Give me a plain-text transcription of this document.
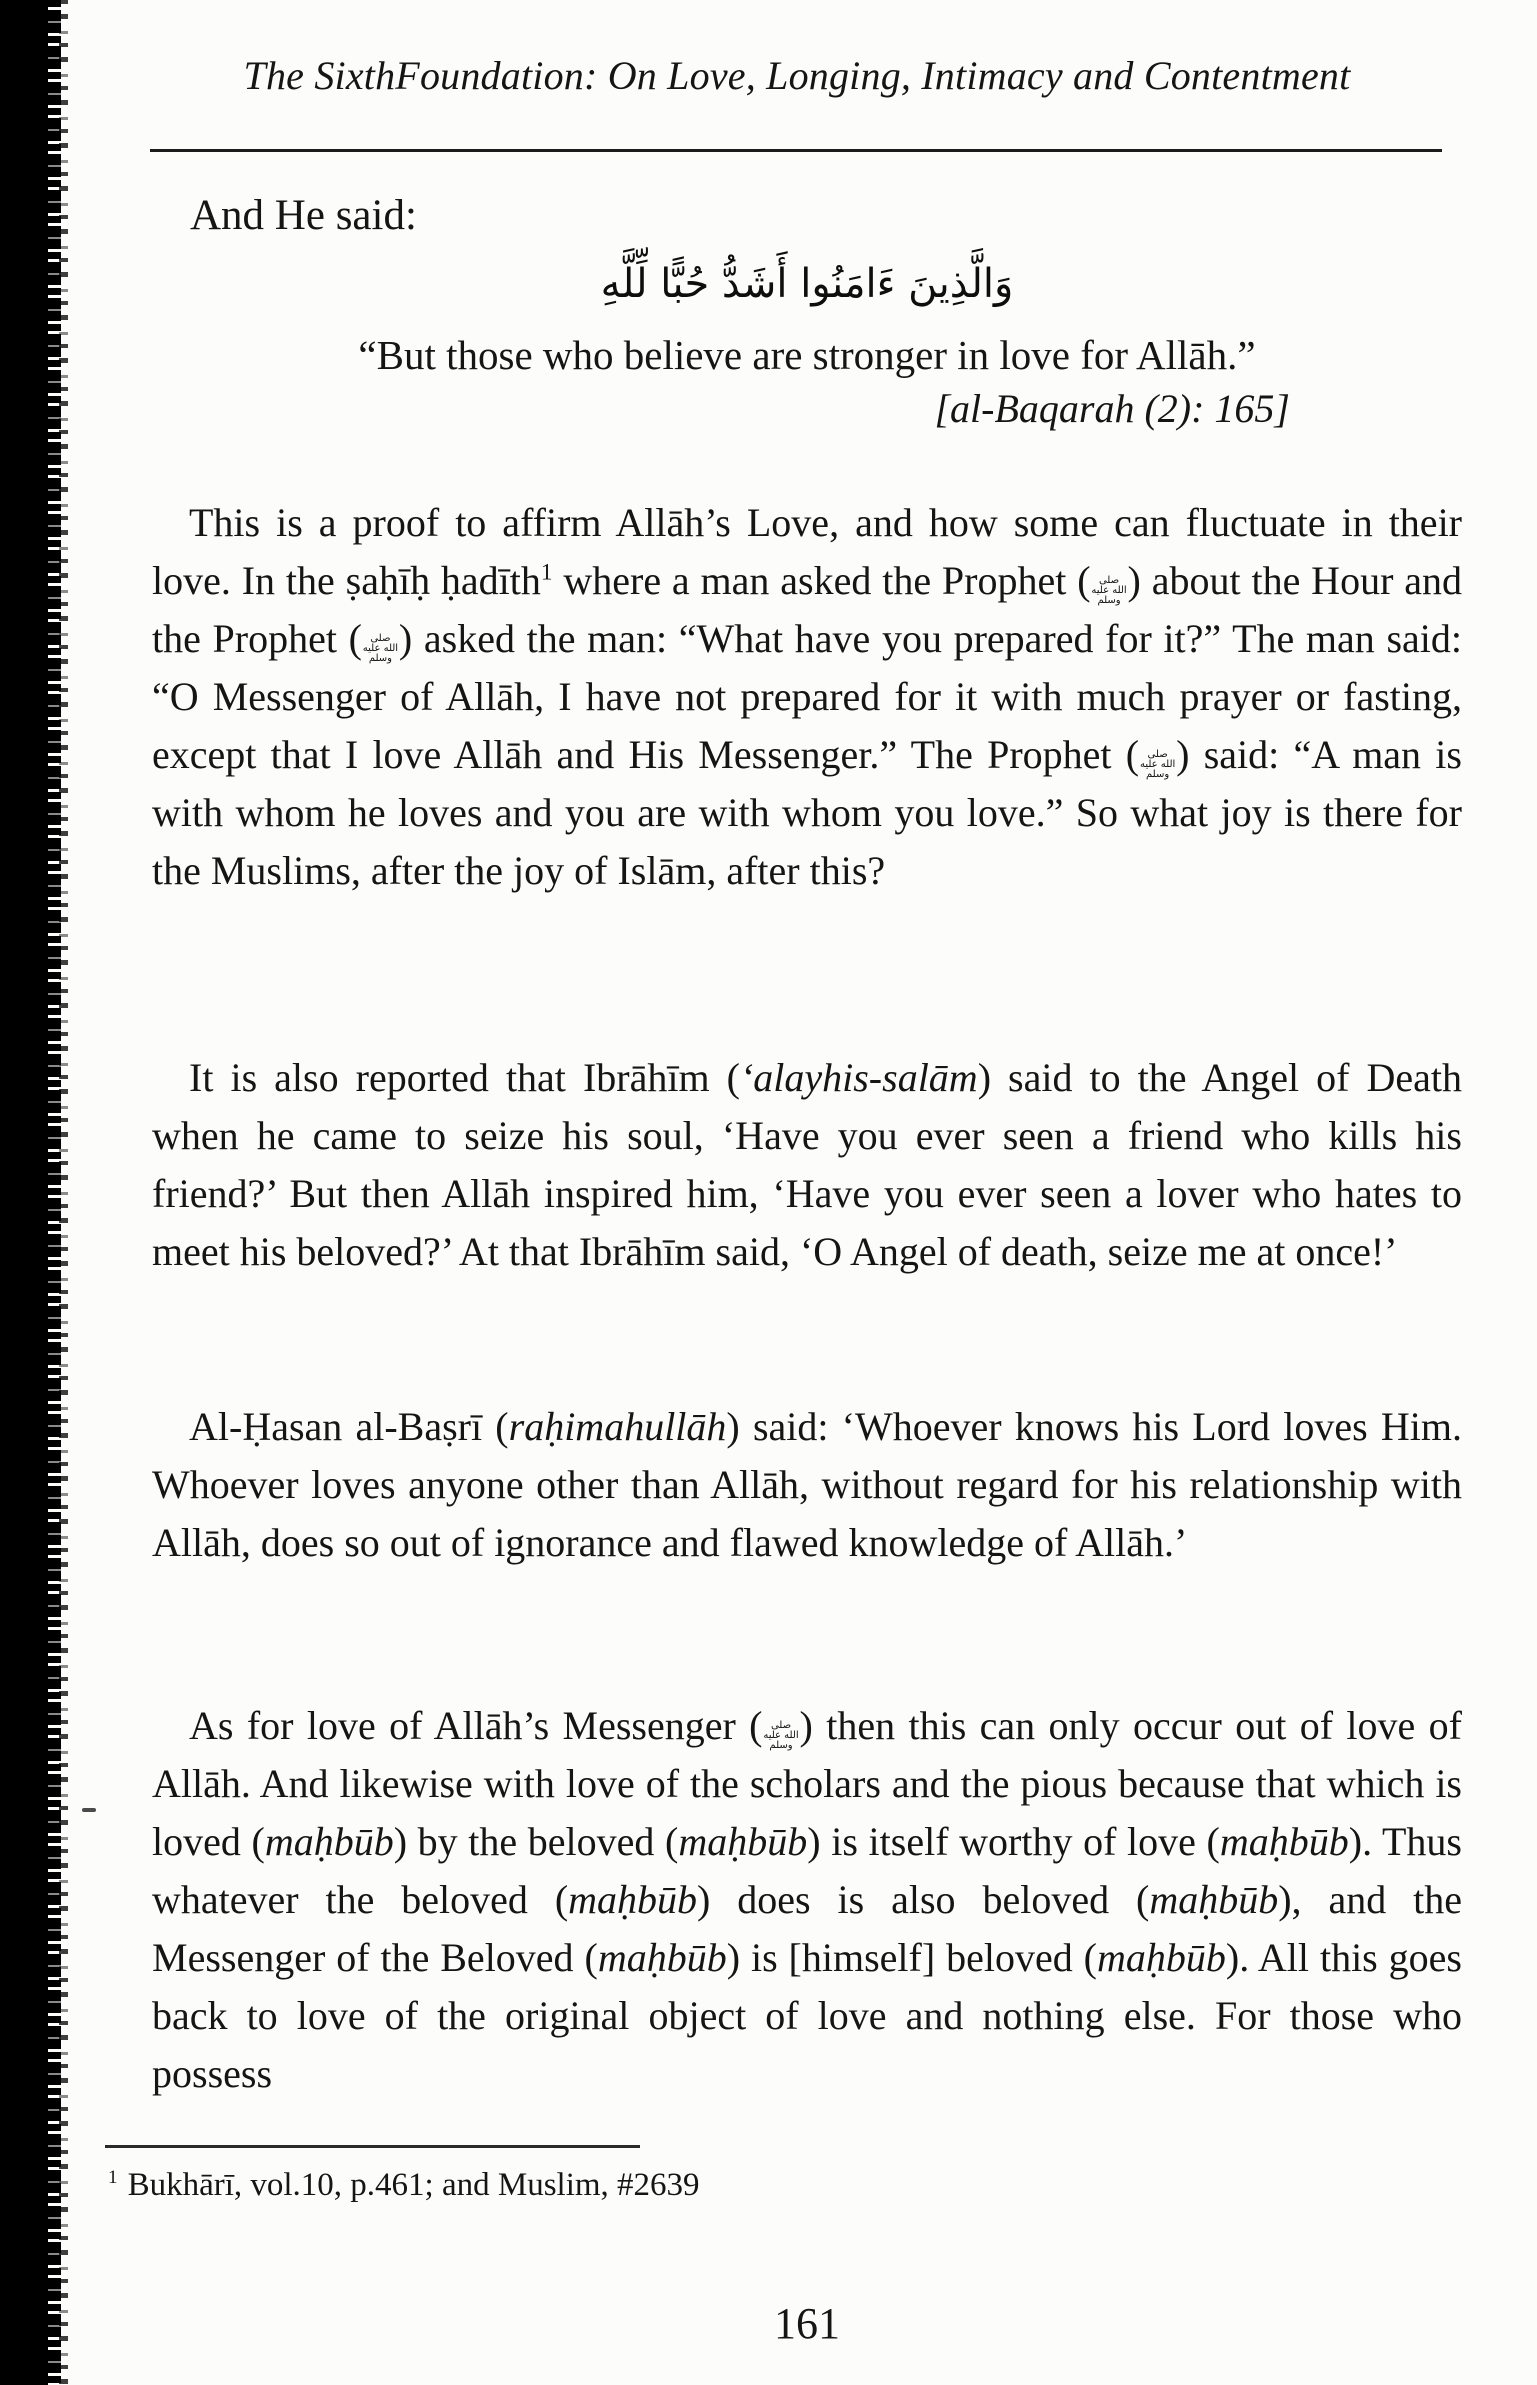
The SixthFoundation: On Love, Longing, Intimacy and Contentment
And He said:
وَالَّذِينَ ءَامَنُوا أَشَدُّ حُبًّا لِّلَّهِ
“But those who believe are stronger in love for Allāh.”
[al-Baqarah (2): 165]
This is a proof to affirm Allāh’s Love, and how some can fluctuate in their love. In the ṣaḥīḥ ḥadīth$^1$ where a man asked the Prophet ( صلى الله عليه وسلم ) about the Hour and the Prophet ( صلى الله عليه وسلم ) asked the man: “What have you prepared for it?” The man said: “O Messenger of Allāh, I have not prepared for it with much prayer or fasting, except that I love Allāh and His Messenger.” The Prophet ( صلى الله عليه وسلم ) said: “A man is with whom he loves and you are with whom you love.” So what joy is there for the Muslims, after the joy of Islām, after this?
It is also reported that Ibrāhīm (‘alayhis-salām) said to the Angel of Death when he came to seize his soul, ‘Have you ever seen a friend who kills his friend?’ But then Allāh inspired him, ‘Have you ever seen a lover who hates to meet his beloved?’ At that Ibrāhīm said, ‘O Angel of death, seize me at once!’
Al-Ḥasan al-Baṣrī (raḥimahullāh) said: ‘Whoever knows his Lord loves Him. Whoever loves anyone other than Allāh, without regard for his relationship with Allāh, does so out of ignorance and flawed knowledge of Allāh.’
As for love of Allāh’s Messenger ( صلى الله عليه وسلم ) then this can only occur out of love of Allāh. And likewise with love of the scholars and the pious because that which is loved (maḥbūb) by the beloved (maḥbūb) is itself worthy of love (maḥbūb). Thus whatever the beloved (maḥbūb) does is also beloved (maḥbūb), and the Messenger of the Beloved (maḥbūb) is [himself] beloved (maḥbūb). All this goes back to love of the original object of love and nothing else. For those who possess
$^1$ Bukhārī, vol.10, p.461; and Muslim, #2639
161
